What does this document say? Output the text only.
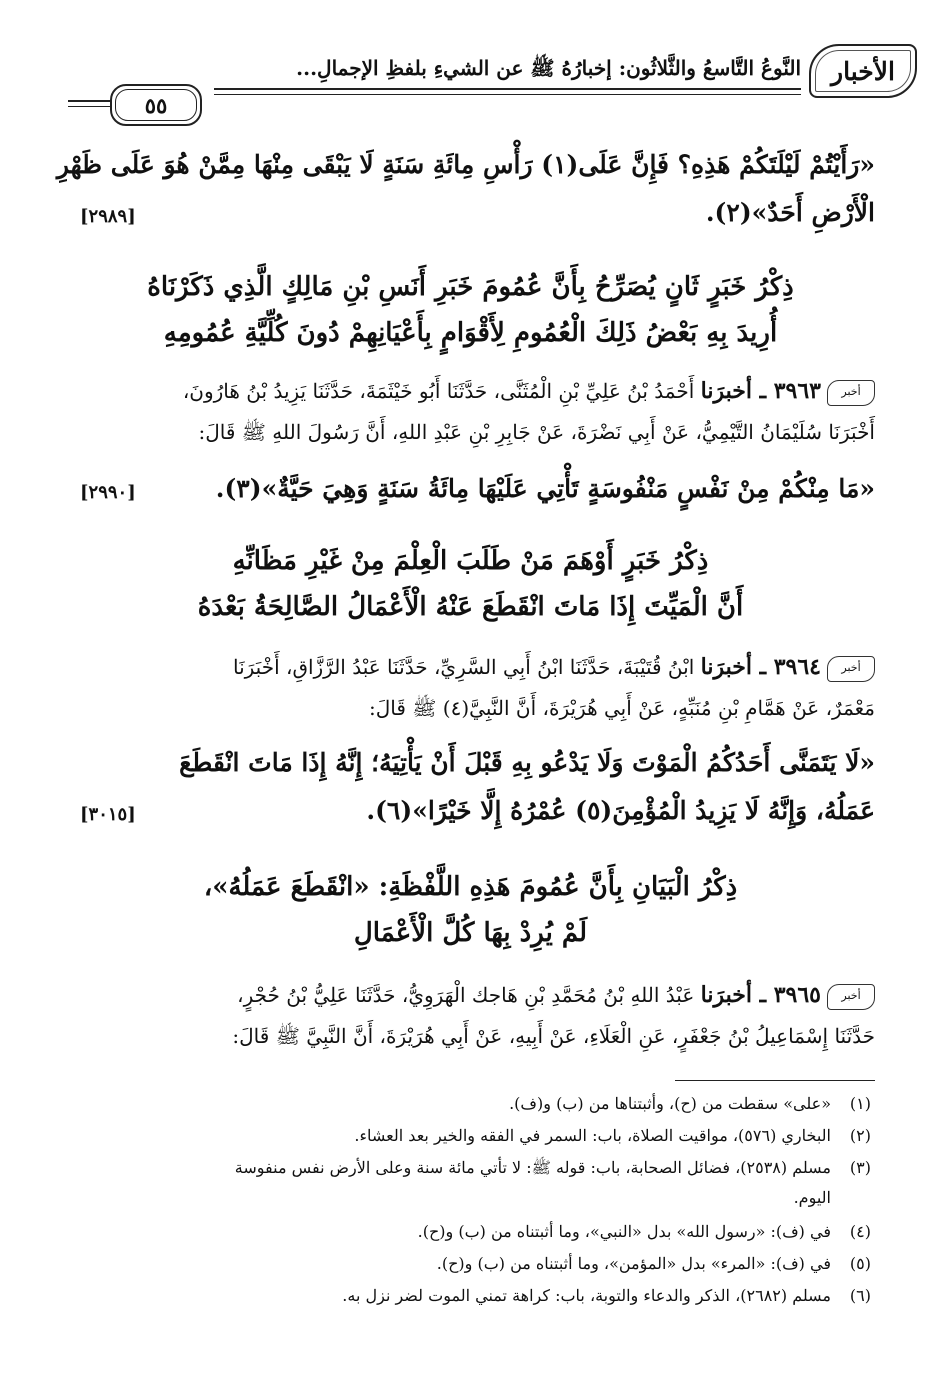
الأخبار
النَّوعُ التَّاسعُ والثَّلاثُون: إخبارُهُ ﷺ عن الشيءِ بلفظِ الإجمالِ...
٥٥
«رَأَيْتُمْ لَيْلَتَكُمْ هَذِهِ؟ فَإِنَّ عَلَى(١) رَأْسِ مِائَةِ سَنَةٍ لَا يَبْقَى مِنْهَا مِمَّنْ هُوَ عَلَى ظَهْرِ
الْأَرْضِ أَحَدٌ»(٢).
[٢٩٨٩]
ذِكْرُ خَبَرٍ ثَانٍ يُصَرِّحُ بِأَنَّ عُمُومَ خَبَرِ أَنَسِ بْنِ مَالِكٍ الَّذِي ذَكَرْنَاهُ
أُرِيدَ بِهِ بَعْضُ ذَلِكَ الْعُمُومِ لِأَقْوَامٍ بِأَعْيَانِهِمْ دُونَ كُلِّيَّةِ عُمُومِهِ
أخبر٣٩٦٣ ـ أخبرَنا أَحْمَدُ بْنُ عَلِيِّ بْنِ الْمُثَنَّى، حَدَّثَنَا أَبُو خَيْثَمَةَ، حَدَّثَنَا يَزِيدُ بْنُ هَارُونَ،
أَخْبَرَنَا سُلَيْمَانُ التَّيْمِيُّ، عَنْ أَبِي نَضْرَةَ، عَنْ جَابِرِ بْنِ عَبْدِ اللهِ، أَنَّ رَسُولَ اللهِ ﷺ قَالَ:
«مَا مِنْكُمْ مِنْ نَفْسٍ مَنْفُوسَةٍ تَأْتِي عَلَيْهَا مِائَةُ سَنَةٍ وَهِيَ حَيَّةٌ»(٣).
[٢٩٩٠]
ذِكْرُ خَبَرٍ أَوْهَمَ مَنْ طَلَبَ الْعِلْمَ مِنْ غَيْرِ مَظَانِّهِ
أَنَّ الْمَيِّتَ إِذَا مَاتَ انْقَطَعَ عَنْهُ الْأَعْمَالُ الصَّالِحَةُ بَعْدَهُ
أخبر٣٩٦٤ ـ أخبرَنا ابْنُ قُتَيْبَةَ، حَدَّثَنَا ابْنُ أَبِي السَّرِيِّ، حَدَّثَنَا عَبْدُ الرَّزَّاقِ، أَخْبَرَنَا
مَعْمَرٌ، عَنْ هَمَّامِ بْنِ مُنَبِّهٍ، عَنْ أَبِي هُرَيْرَةَ، أَنَّ النَّبِيَّ(٤) ﷺ قَالَ:
«لَا يَتَمَنَّى أَحَدُكُمُ الْمَوْتَ وَلَا يَدْعُو بِهِ قَبْلَ أَنْ يَأْتِيَهُ؛ إِنَّهُ إِذَا مَاتَ انْقَطَعَ
عَمَلُهُ، وَإِنَّهُ لَا يَزِيدُ الْمُؤْمِنَ(٥) عُمْرُهُ إِلَّا خَيْرًا»(٦).
[٣٠١٥]
ذِكْرُ الْبَيَانِ بِأَنَّ عُمُومَ هَذِهِ اللَّفْظَةِ: «انْقَطَعَ عَمَلُهُ»،
لَمْ يُرِدْ بِهَا كُلَّ الْأَعْمَالِ
أخبر٣٩٦٥ ـ أخبرَنا عَبْدُ اللهِ بْنُ مُحَمَّدِ بْنِ هَاجك الْهَرَوِيُّ، حَدَّثَنَا عَلِيُّ بْنُ حُجْرٍ،
حَدَّثَنَا إِسْمَاعِيلُ بْنُ جَعْفَرٍ، عَنِ الْعَلَاءِ، عَنْ أَبِيهِ، عَنْ أَبِي هُرَيْرَةَ، أَنَّ النَّبِيَّ ﷺ قَالَ:
(١)«على» سقطت من (ح)، وأثبتناها من (ب) و(ف).
(٢)البخاري (٥٧٦)، مواقيت الصلاة، باب: السمر في الفقه والخير بعد العشاء.
(٣)مسلم (٢٥٣٨)، فضائل الصحابة، باب: قوله ﷺ: لا تأتي مائة سنة وعلى الأرض نفس منفوسة
اليوم.
(٤)في (ف): «رسول الله» بدل «النبي»، وما أثبتناه من (ب) و(ح).
(٥)في (ف): «المرء» بدل «المؤمن»، وما أثبتناه من (ب) و(ح).
(٦)مسلم (٢٦٨٢)، الذكر والدعاء والتوبة، باب: كراهة تمني الموت لضر نزل به.
